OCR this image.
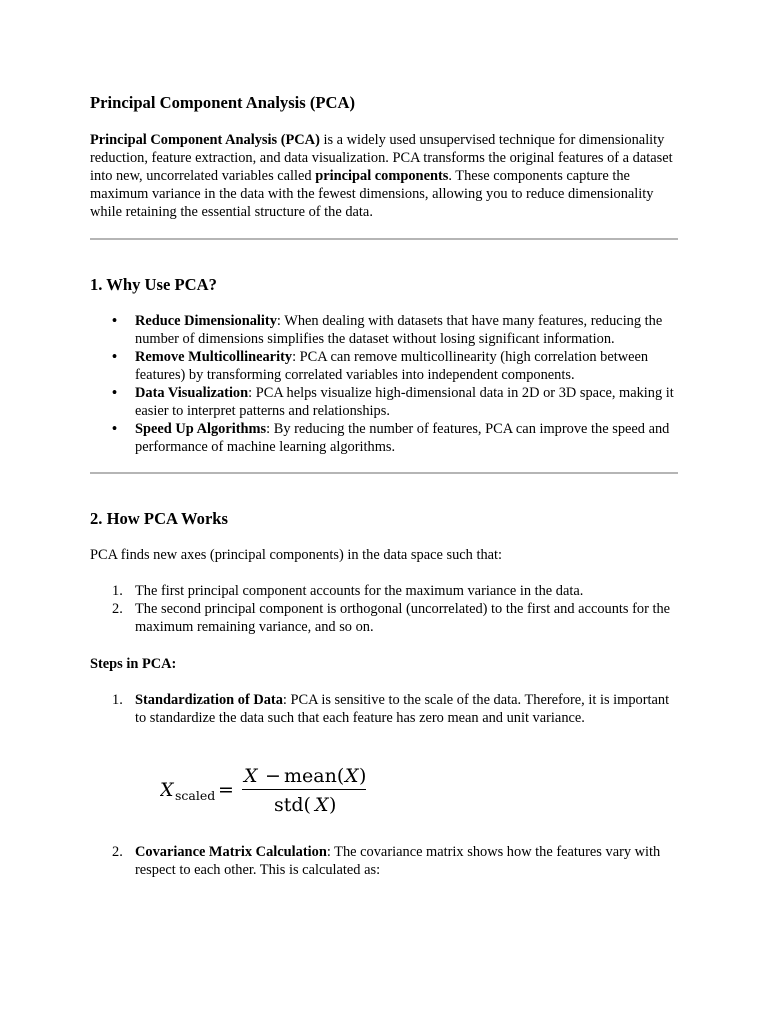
Principal Component Analysis (PCA)

Principal Component Analysis (PCA) is a widely used unsupervised technique for dimensionality reduction, feature extraction, and data visualization. PCA transforms the original features of a dataset into new, uncorrelated variables called principal components. These components capture the maximum variance in the data with the fewest dimensions, allowing you to reduce dimensionality while retaining the essential structure of the data.

1. Why Use PCA?
• Reduce Dimensionality: When dealing with datasets that have many features, reducing the number of dimensions simplifies the dataset without losing significant information.
• Remove Multicollinearity: PCA can remove multicollinearity (high correlation between features) by transforming correlated variables into independent components.
• Data Visualization: PCA helps visualize high-dimensional data in 2D or 3D space, making it easier to interpret patterns and relationships.
• Speed Up Algorithms: By reducing the number of features, PCA can improve the speed and performance of machine learning algorithms.
2. How PCA Works

PCA finds new axes (principal components) in the data space such that:

1. The first principal component accounts for the maximum variance in the data.
2. The second principal component is orthogonal (uncorrelated) to the first and accounts for the maximum remaining variance, and so on.

Steps in PCA:

1. Standardization of Data: PCA is sensitive to the scale of the data. Therefore, it is important to standardize the data such that each feature has zero mean and unit variance.
X scaled =
X − mean( X )
std( X )
2. Covariance Matrix Calculation: The covariance matrix shows how the features vary with respect to each other. This is calculated as:
